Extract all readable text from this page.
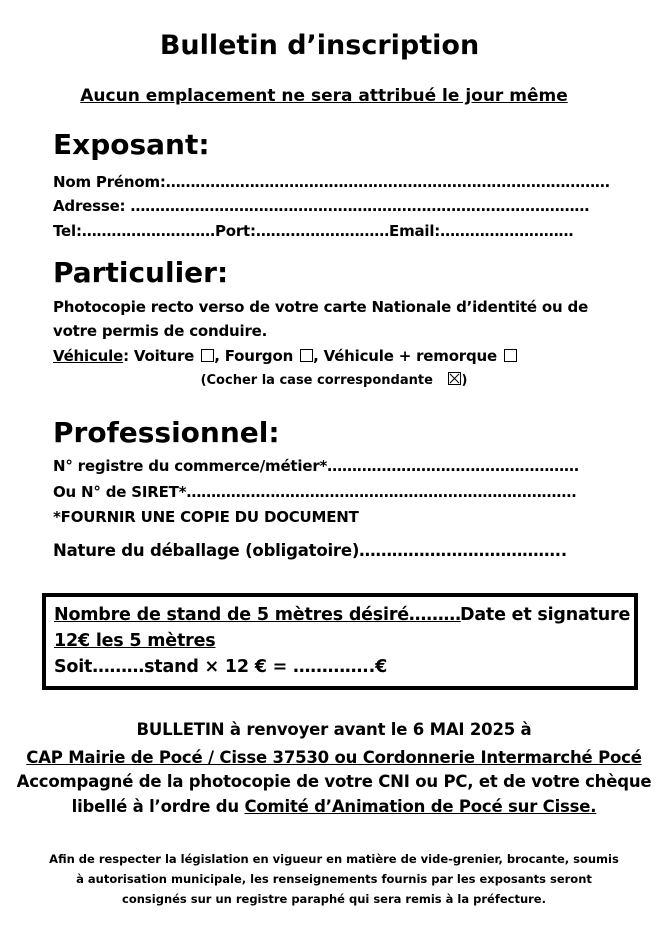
Bulletin d’inscription
Aucun emplacement ne sera attribué le jour même
Exposant:
Nom Prénom:………………………………………………………………………………
Adresse: …………………………………………………………………………………
Tel:………………………Port:………………………Email:………………………
Particulier:
Photocopie recto verso de votre carte Nationale d’identité ou de
votre permis de conduire.
Véhicule: Voiture , Fourgon , Véhicule + remorque
(Cocher la case correspondante )
Professionnel:
N° registre du commerce/métier*……………………………………………
Ou N° de SIRET*…………………………………………………………………….
*FOURNIR UNE COPIE DU DOCUMENT
Nature du déballage (obligatoire)………………………………..
Nombre de stand de 5 mètres désiré……… Date et signature
12€ les 5 mètres
Soit………stand × 12 € = …………..€
BULLETIN à renvoyer avant le 6 MAI 2025 à
CAP Mairie de Pocé / Cisse 37530 ou Cordonnerie Intermarché Pocé
Accompagné de la photocopie de votre CNI ou PC, et de votre chèque
libellé à l’ordre du Comité d’Animation de Pocé sur Cisse.
Afin de respecter la législation en vigueur en matière de vide-grenier, brocante, soumis
à autorisation municipale, les renseignements fournis par les exposants seront
consignés sur un registre paraphé qui sera remis à la préfecture.
